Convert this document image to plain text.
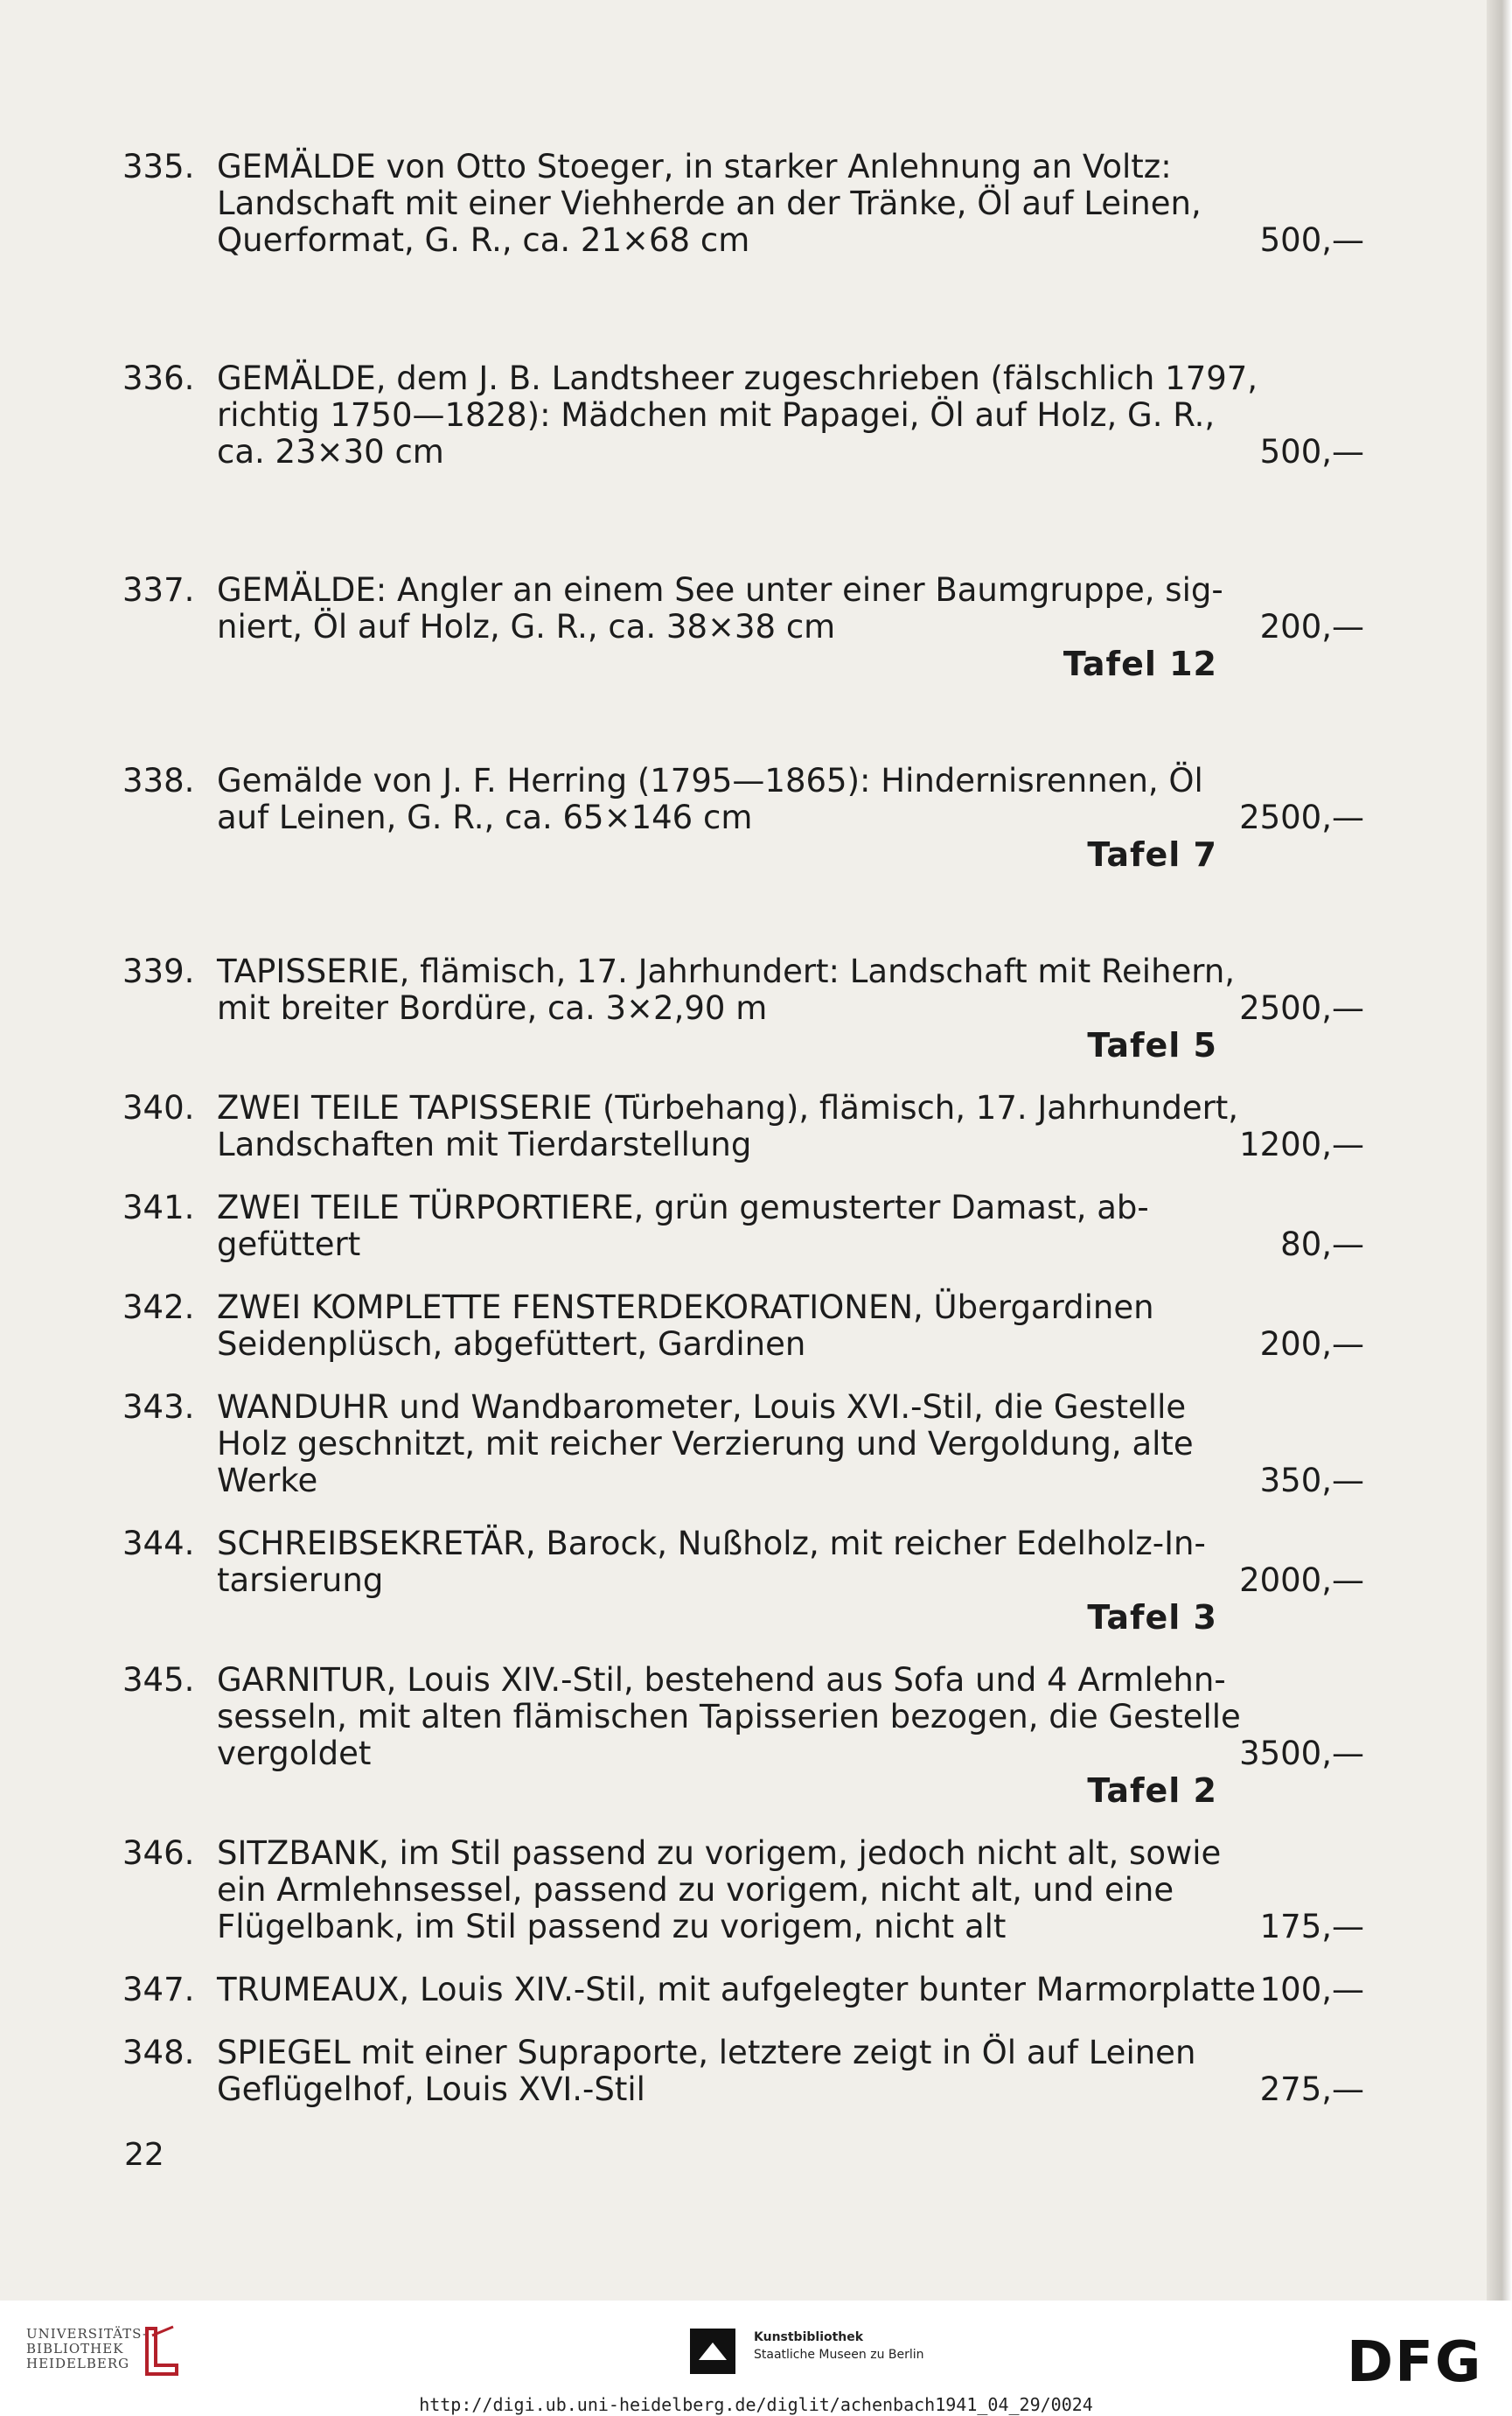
335. GEMÄLDE von Otto Stoeger, in starker Anlehnung an Voltz:
Landschaft mit einer Viehherde an der Tränke, Öl auf Leinen,
Querformat, G. R., ca. 21×68 cm	500,—
336. GEMÄLDE, dem J. B. Landtsheer zugeschrieben (fälschlich 1797,
richtig 1750—1828): Mädchen mit Papagei, Öl auf Holz, G. R.,
ca. 23×30 cm	500,—
337. GEMÄLDE: Angler an einem See unter einer Baumgruppe, sig-
niert, Öl auf Holz, G. R., ca. 38×38 cm	200,—
Tafel 12
338. Gemälde von J. F. Herring (1795—1865): Hindernisrennen, Öl
auf Leinen, G. R., ca. 65×146 cm	2500,—
Tafel 7
339. TAPISSERIE, flämisch, 17. Jahrhundert: Landschaft mit Reihern,
mit breiter Bordüre, ca. 3×2,90 m	2500,—
Tafel 5
340. ZWEI TEILE TAPISSERIE (Türbehang), flämisch, 17. Jahrhundert,
Landschaften mit Tierdarstellung	1200,—
341. ZWEI TEILE TÜRPORTIERE, grün gemusterter Damast, ab-
gefüttert	80,—
342. ZWEI KOMPLETTE FENSTERDEKORATIONEN, Übergardinen
Seidenplüsch, abgefüttert, Gardinen	200,—
343. WANDUHR und Wandbarometer, Louis XVI.-Stil, die Gestelle
Holz geschnitzt, mit reicher Verzierung und Vergoldung, alte
Werke	350,—
344. SCHREIBSEKRETÄR, Barock, Nußholz, mit reicher Edelholz-In-
tarsierung	2000,—
Tafel 3
345. GARNITUR, Louis XIV.-Stil, bestehend aus Sofa und 4 Armlehn-
sesseln, mit alten flämischen Tapisserien bezogen, die Gestelle
vergoldet	3500,—
Tafel 2
346. SITZBANK, im Stil passend zu vorigem, jedoch nicht alt, sowie
ein Armlehnsessel, passend zu vorigem, nicht alt, und eine
Flügelbank, im Stil passend zu vorigem, nicht alt	175,—
347. TRUMEAUX, Louis XIV.-Stil, mit aufgelegter bunter Marmorplatte 100,—
348. SPIEGEL mit einer Supraporte, letztere zeigt in Öl auf Leinen
Geflügelhof, Louis XVI.-Stil	275,—
22
UNIVERSITÄTS-
BIBLIOTHEK
HEIDELBERG
Kunstbibliothek
Staatliche Museen zu Berlin	DFG
http://digi.ub.uni-heidelberg.de/diglit/achenbach1941_04_29/0024
